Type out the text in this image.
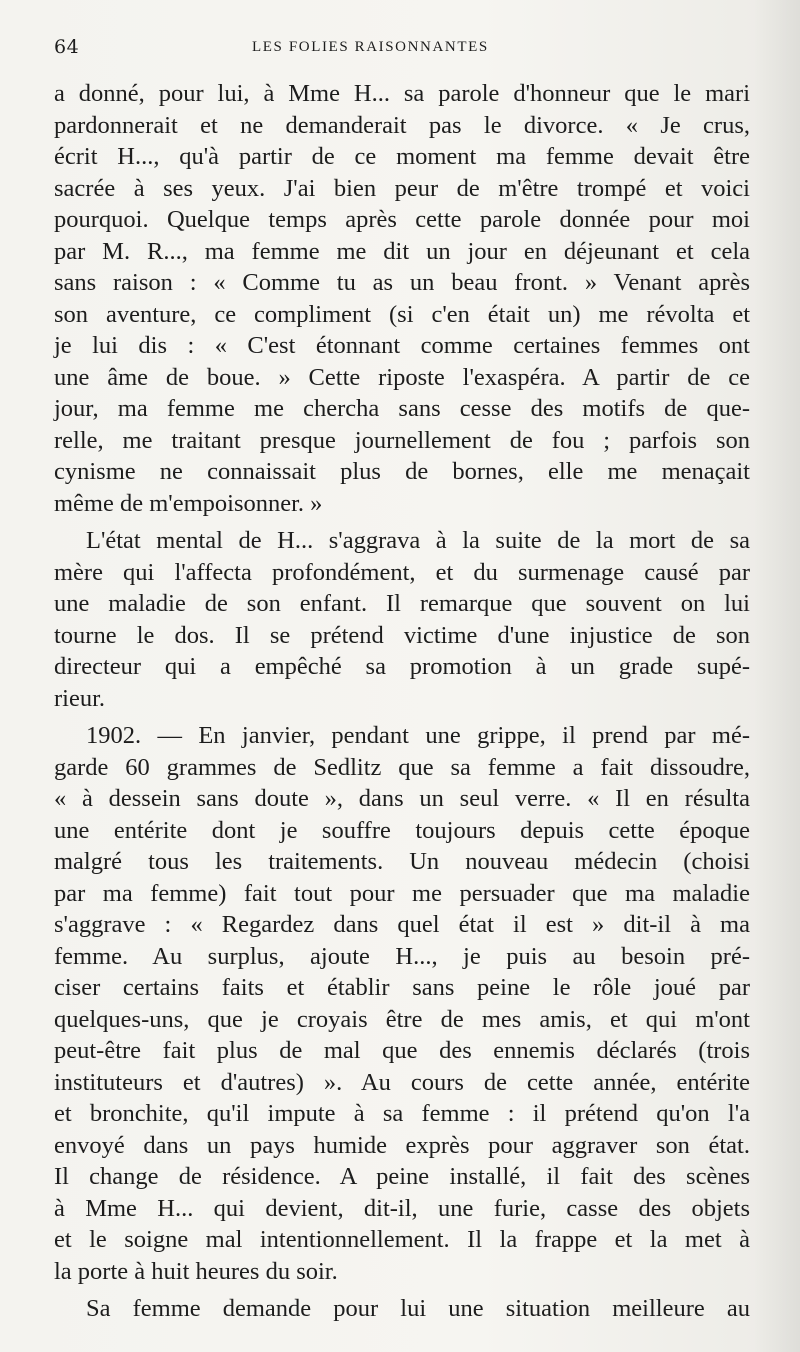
64	LES FOLIES RAISONNANTES
a donné, pour lui, à Mme H... sa parole d'honneur que le mari
pardonnerait et ne demanderait pas le divorce. « Je crus,
écrit H..., qu'à partir de ce moment ma femme devait être
sacrée à ses yeux. J'ai bien peur de m'être trompé et voici
pourquoi. Quelque temps après cette parole donnée pour moi
par M. R..., ma femme me dit un jour en déjeunant et cela
sans raison : « Comme tu as un beau front. » Venant après
son aventure, ce compliment (si c'en était un) me révolta et
je lui dis : « C'est étonnant comme certaines femmes ont
une âme de boue. » Cette riposte l'exaspéra. A partir de ce
jour, ma femme me chercha sans cesse des motifs de que-
relle, me traitant presque journellement de fou ; parfois son
cynisme ne connaissait plus de bornes, elle me menaçait
même de m'empoisonner. »
L'état mental de H... s'aggrava à la suite de la mort de sa
mère qui l'affecta profondément, et du surmenage causé par
une maladie de son enfant. Il remarque que souvent on lui
tourne le dos. Il se prétend victime d'une injustice de son
directeur qui a empêché sa promotion à un grade supé-
rieur.
1902. — En janvier, pendant une grippe, il prend par mé-
garde 60 grammes de Sedlitz que sa femme a fait dissoudre,
« à dessein sans doute », dans un seul verre. « Il en résulta
une entérite dont je souffre toujours depuis cette époque
malgré tous les traitements. Un nouveau médecin (choisi
par ma femme) fait tout pour me persuader que ma maladie
s'aggrave : « Regardez dans quel état il est » dit-il à ma
femme. Au surplus, ajoute H..., je puis au besoin pré-
ciser certains faits et établir sans peine le rôle joué par
quelques-uns, que je croyais être de mes amis, et qui m'ont
peut-être fait plus de mal que des ennemis déclarés (trois
instituteurs et d'autres) ». Au cours de cette année, entérite
et bronchite, qu'il impute à sa femme : il prétend qu'on l'a
envoyé dans un pays humide exprès pour aggraver son état.
Il change de résidence. A peine installé, il fait des scènes
à Mme H... qui devient, dit-il, une furie, casse des objets
et le soigne mal intentionnellement. Il la frappe et la met à
la porte à huit heures du soir.
Sa femme demande pour lui une situation meilleure au
